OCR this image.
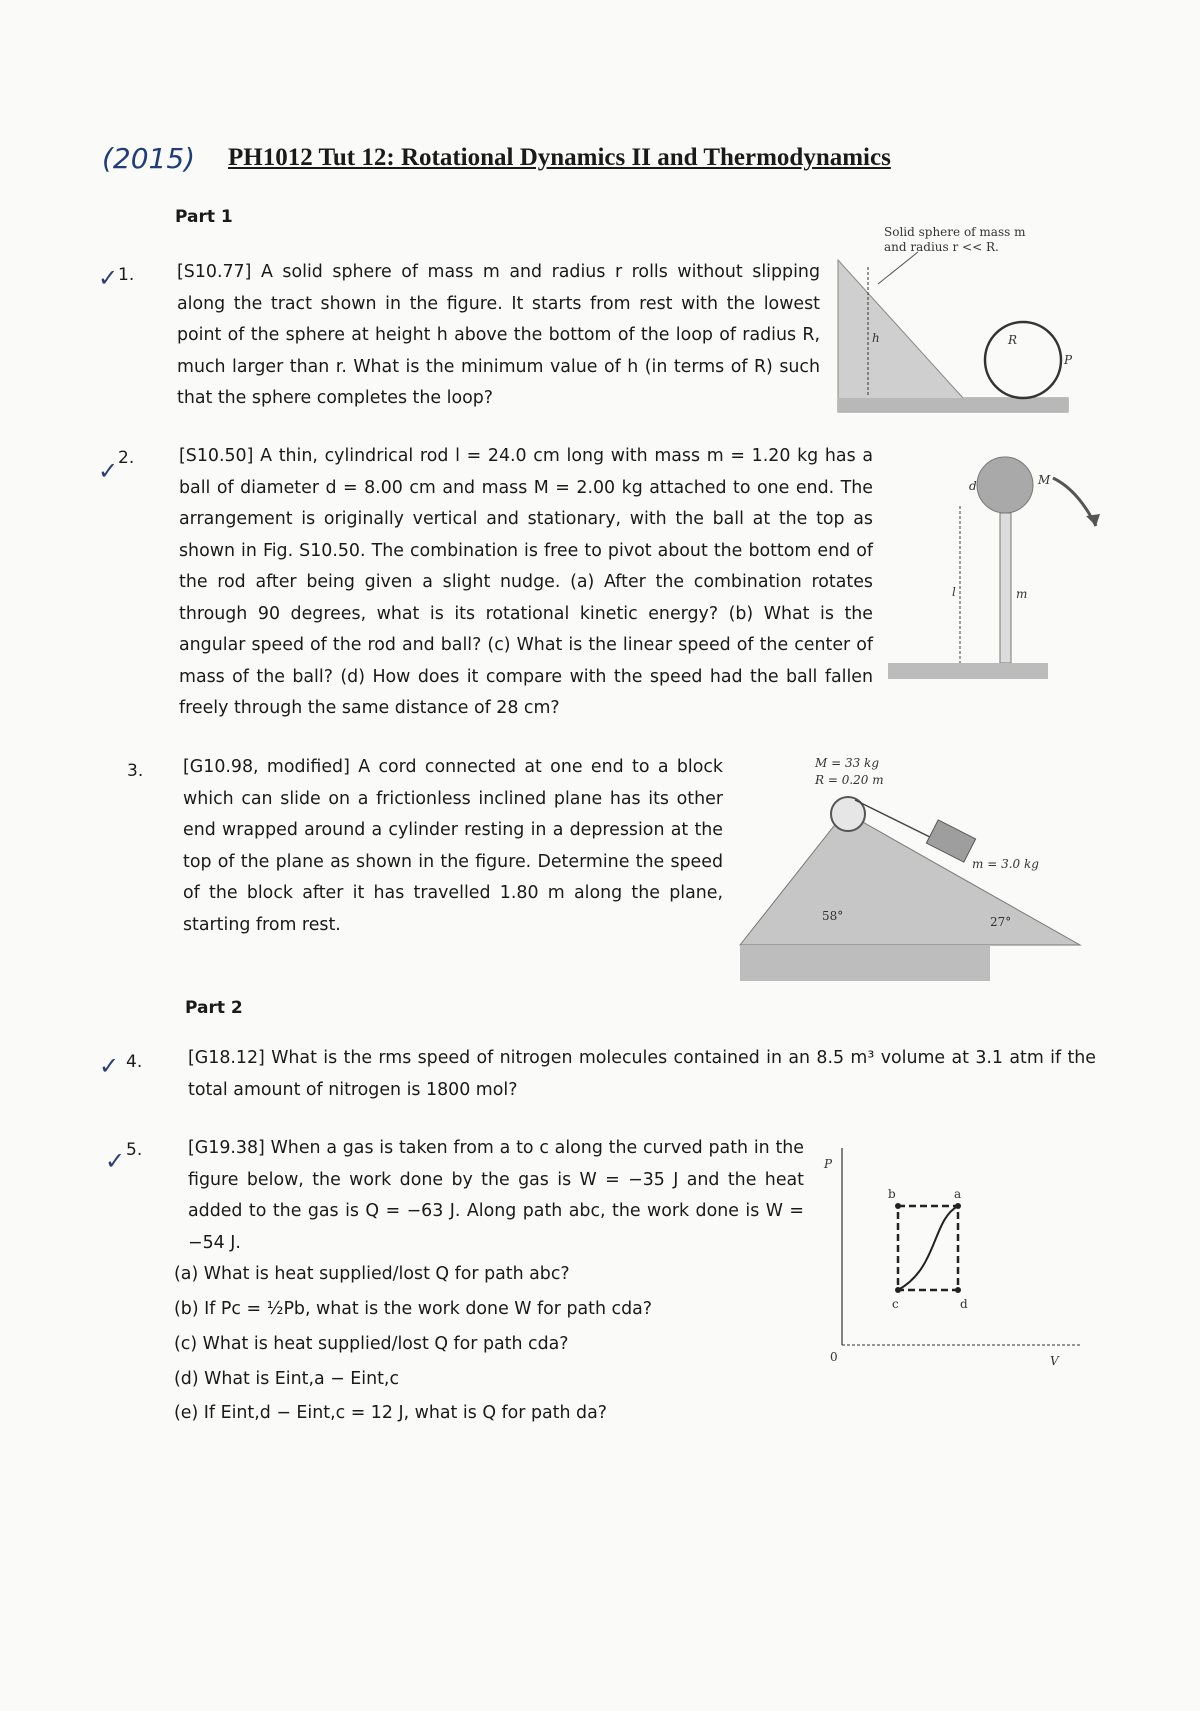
(2015) PH1012 Tut 12: Rotational Dynamics II and Thermodynamics
Part 1
✓ 1. [S10.77] A solid sphere of mass m and radius r rolls without slipping along the tract shown in the figure. It starts from rest with the lowest point of the sphere at height h above the bottom of the loop of radius R, much larger than r. What is the minimum value of h (in terms of R) such that the sphere completes the loop?
Solid sphere of mass m
and radius r << R.
h	R
P
✓ 2.	[S10.50] A thin, cylindrical rod l = 24.0 cm long with mass m = 1.20 kg has a ball of diameter d = 8.00 cm and mass M = 2.00 kg attached to one end. The arrangement is originally vertical and stationary, with the ball at the top as shown in Fig. S10.50. The combination is free to pivot about the bottom end of the rod after being given a slight nudge. (a) After the combination rotates through 90 degrees, what is its rotational kinetic energy? (b) What is the angular speed of the rod and ball? (c) What is the linear speed of the center of mass of the ball? (d) How does it compare with the speed had the ball fallen freely through the same distance of 28 cm?
l	m
d	M
3. [G10.98, modified] A cord connected at one end to a block which can slide on a frictionless inclined plane has its other end wrapped around a cylinder resting in a depression at the top of the plane as shown in the figure. Determine the speed of the block after it has travelled 1.80 m along the plane, starting from rest.
M = 33 kg
R = 0.20 m
m = 3.0 kg
58°	27°
Part 2
✓ 4.	[G18.12] What is the rms speed of nitrogen molecules contained in an 8.5 m³ volume at 3.1 atm if the total amount of nitrogen is 1800 mol?
✓ 5.	[G19.38] When a gas is taken from a to c along the curved path in the figure below, the work done by the gas is W = −35 J and the heat added to the gas is Q = −63 J. Along path abc, the work done is W = −54 J.
(a) What is heat supplied/lost Q for path abc?
(b) If Pc = ½Pb, what is the work done W for path cda?
(c) What is heat supplied/lost Q for path cda?
(d) What is Eint,a − Eint,c
(e) If Eint,d − Eint,c = 12 J, what is Q for path da?
P
V
0
a
b
c	d
